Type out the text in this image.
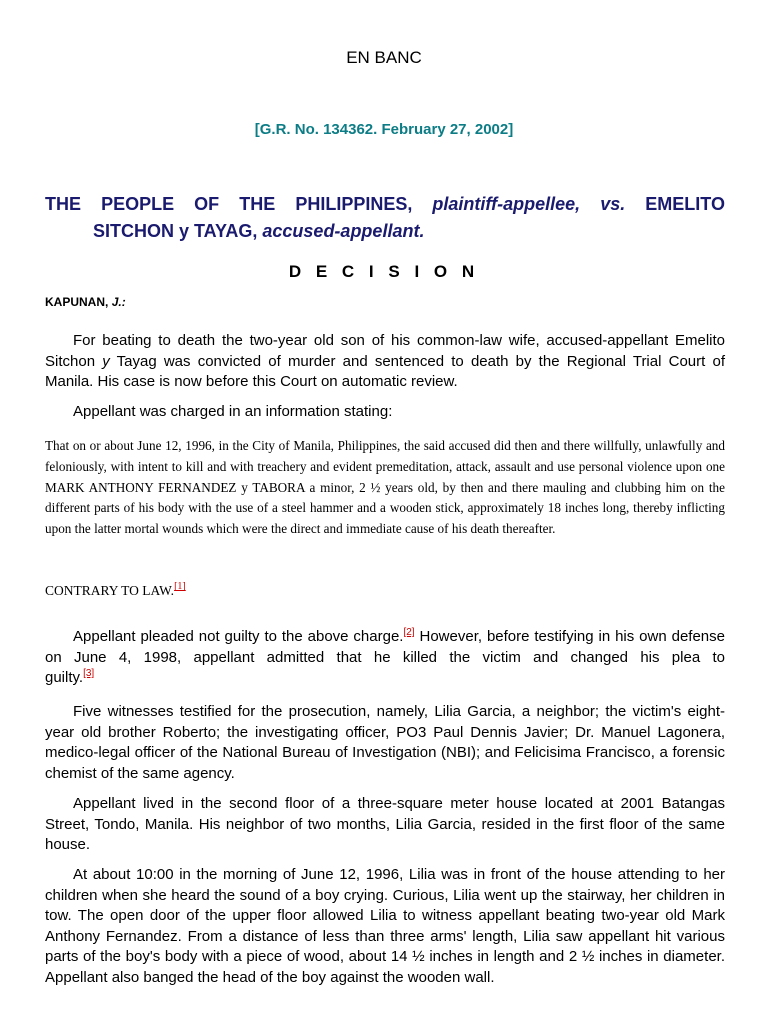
EN BANC
[G.R. No. 134362. February 27, 2002]
THE PEOPLE OF THE PHILIPPINES, plaintiff-appellee, vs. EMELITO
SITCHON y TAYAG, accused-appellant.
D E C I S I O N
KAPUNAN, J.:

For beating to death the two-year old son of his common-law wife, accused-appellant Emelito Sitchon y Tayag was convicted of murder and sentenced to death by the Regional Trial Court of Manila. His case is now before this Court on automatic review.

Appellant was charged in an information stating:

That on or about June 12, 1996, in the City of Manila, Philippines, the said accused did then and there willfully, unlawfully and feloniously, with intent to kill and with treachery and evident premeditation, attack, assault and use personal violence upon one MARK ANTHONY FERNANDEZ y TABORA a minor, 2 ½ years old, by then and there mauling and clubbing him on the different parts of his body with the use of a steel hammer and a wooden stick, approximately 18 inches long, thereby inflicting upon the latter mortal wounds which were the direct and immediate cause of his death thereafter.

CONTRARY TO LAW.[1]

Appellant pleaded not guilty to the above charge.[2] However, before testifying in his own defense on June 4, 1998, appellant admitted that he killed the victim and changed his plea to
guilty.[3]

Five witnesses testified for the prosecution, namely, Lilia Garcia, a neighbor; the victim's eight-year old brother Roberto; the investigating officer, PO3 Paul Dennis Javier; Dr. Manuel Lagonera, medico-legal officer of the National Bureau of Investigation (NBI); and Felicisima Francisco, a forensic chemist of the same agency.

Appellant lived in the second floor of a three-square meter house located at 2001 Batangas Street, Tondo, Manila. His neighbor of two months, Lilia Garcia, resided in the first floor of the same house.

At about 10:00 in the morning of June 12, 1996, Lilia was in front of the house attending to her children when she heard the sound of a boy crying. Curious, Lilia went up the stairway, her children in tow. The open door of the upper floor allowed Lilia to witness appellant beating two-year old Mark Anthony Fernandez. From a distance of less than three arms' length, Lilia saw appellant hit various parts of the boy's body with a piece of wood, about 14 ½ inches in length and 2 ½ inches in diameter. Appellant also banged the head of the boy against the wooden wall.
